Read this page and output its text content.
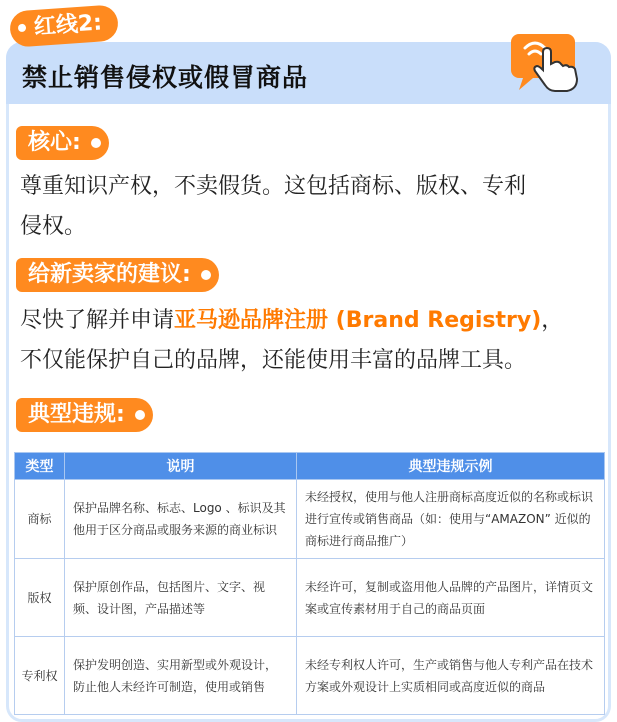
红线2:
禁止销售侵权或假冒商品
核心:
尊重知识产权，不卖假货。这包括商标、版权、专利
侵权。
给新卖家的建议:
尽快了解并申请亚马逊品牌注册 (Brand Registry)，
不仅能保护自己的品牌，还能使用丰富的品牌工具。
典型违规:
类型	说明	典型违规示例
商标	保护品牌名称、标志、Logo 、标识及其他用于区分商品或服务来源的商业标识	未经授权，使用与他人注册商标高度近似的名称或标识进行宣传或销售商品（如：使用与“AMAZON” 近似的商标进行商品推广）
版权	保护原创作品，包括图片、文字、视频、设计图，产品描述等	未经许可，复制或盗用他人品牌的产品图片，详情页文案或宣传素材用于自己的商品页面
专利权	保护发明创造、实用新型或外观设计，防止他人未经许可制造，使用或销售	未经专利权人许可，生产或销售与他人专利产品在技术方案或外观设计上实质相同或高度近似的商品
